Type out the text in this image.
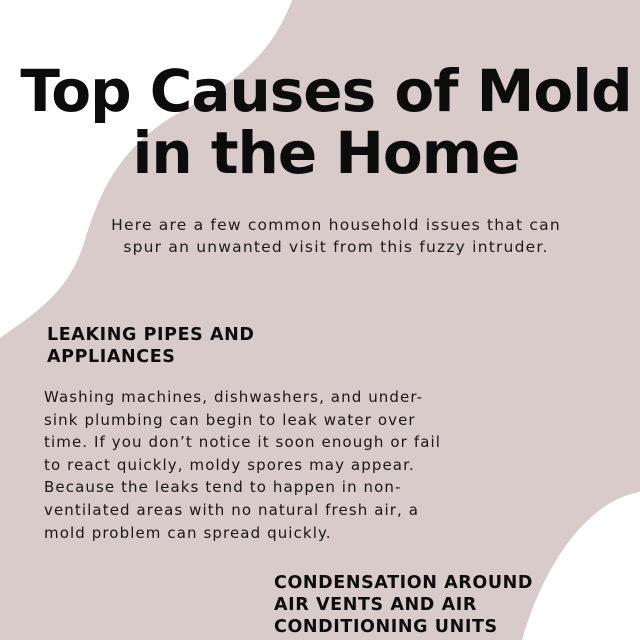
Top Causes of Mold
in the Home
Here are a few common household issues that can
spur an unwanted visit from this fuzzy intruder.
LEAKING PIPES AND
APPLIANCES
Washing machines, dishwashers, and under-
sink plumbing can begin to leak water over
time. If you don’t notice it soon enough or fail
to react quickly, moldy spores may appear.
Because the leaks tend to happen in non-
ventilated areas with no natural fresh air, a
mold problem can spread quickly.
CONDENSATION AROUND
AIR VENTS AND AIR
CONDITIONING UNITS
